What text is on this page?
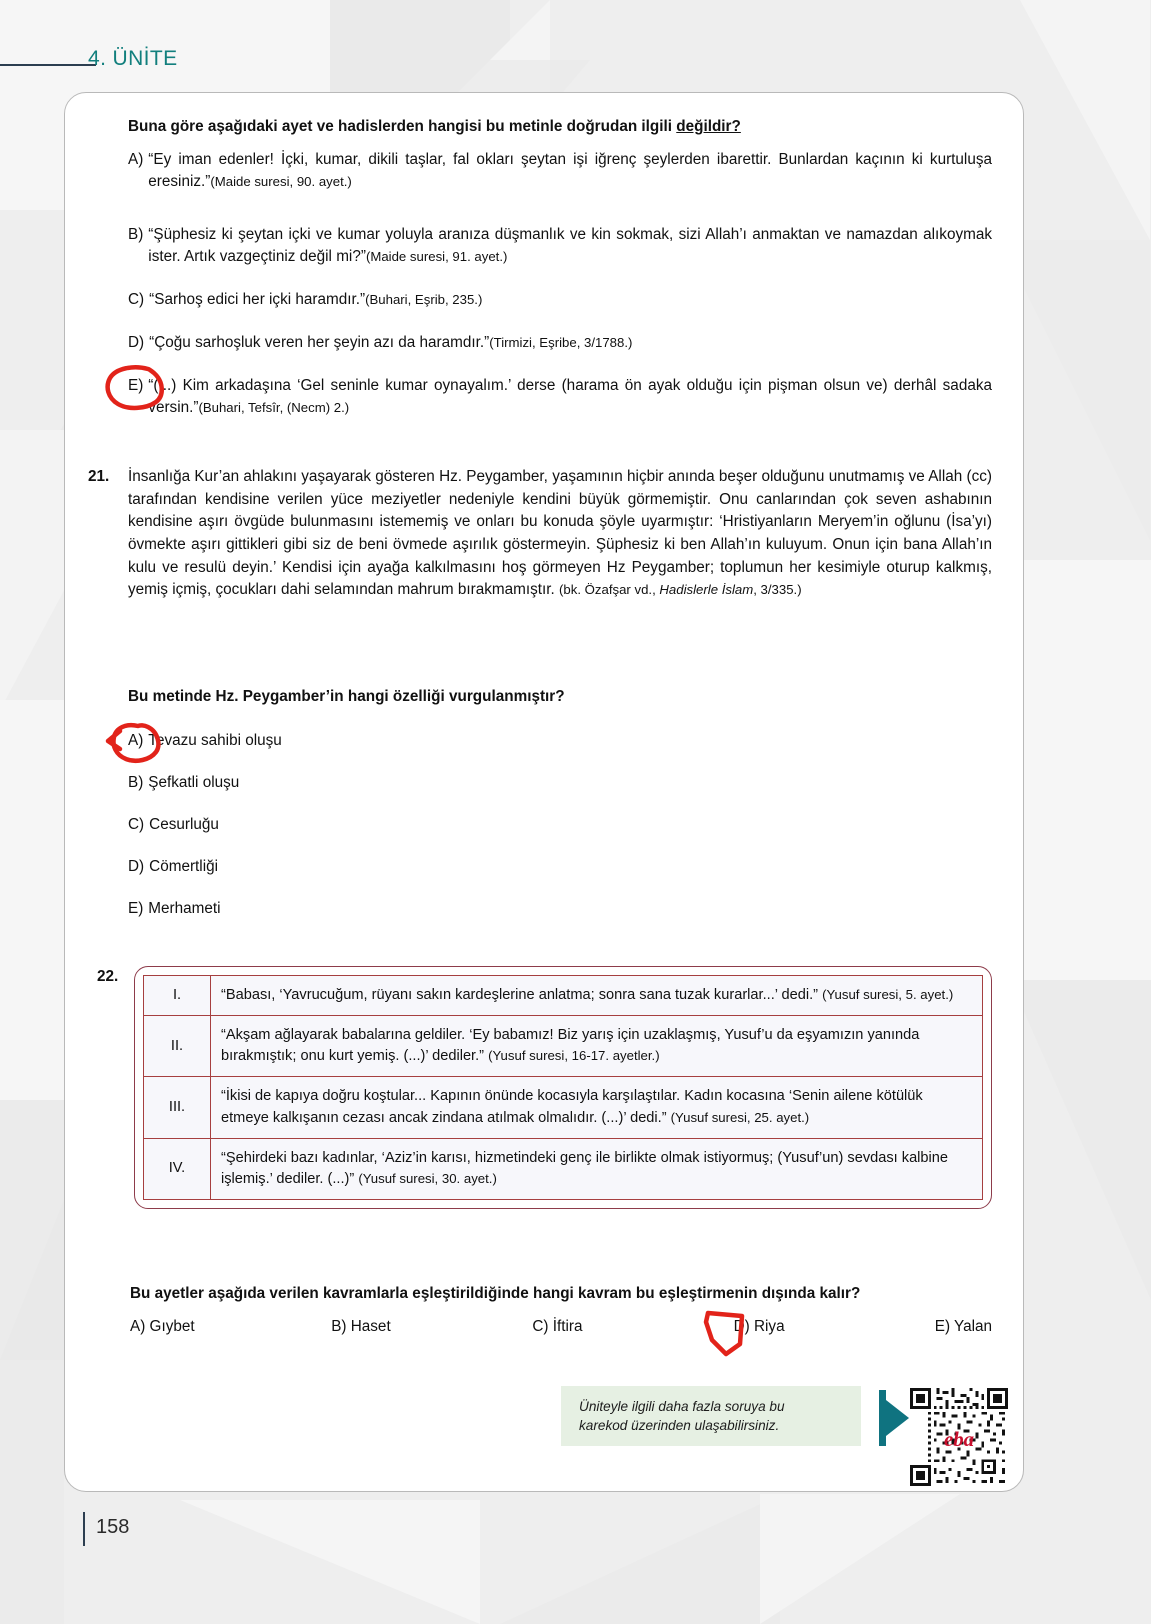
4. ÜNİTE
Buna göre aşağıdaki ayet ve hadislerden hangisi bu metinle doğrudan ilgili değildir?
A) “Ey iman edenler! İçki, kumar, dikili taşlar, fal okları şeytan işi iğrenç şeylerden ibarettir. Bunlardan kaçının ki kurtuluşa eresiniz.”(Maide suresi, 90. ayet.)
B) “Şüphesiz ki şeytan içki ve kumar yoluyla aranıza düşmanlık ve kin sokmak, sizi Allah’ı anmaktan ve namazdan alıkoymak ister. Artık vazgeçtiniz değil mi?”(Maide suresi, 91. ayet.)
C) “Sarhoş edici her içki haramdır.”(Buhari, Eşrib, 235.)
D) “Çoğu sarhoşluk veren her şeyin azı da haramdır.”(Tirmizi, Eşribe, 3/1788.)
E) “(...) Kim arkadaşına ‘Gel seninle kumar oynayalım.’ derse (harama ön ayak olduğu için pişman olsun ve) derhâl sadaka versin.”(Buhari, Tefsîr, (Necm) 2.)
21. İnsanlığa Kur’an ahlakını yaşayarak gösteren Hz. Peygamber, yaşamının hiçbir anında beşer olduğunu unutmamış ve Allah (cc) tarafından kendisine verilen yüce meziyetler nedeniyle kendini büyük görmemiştir. Onu canlarından çok seven ashabının kendisine aşırı övgüde bulunmasını istememiş ve onları bu konuda şöyle uyarmıştır: ‘Hristiyanların Meryem’in oğlunu (İsa’yı) övmekte aşırı gittikleri gibi siz de beni övmede aşırılık göstermeyin. Şüphesiz ki ben Allah’ın kuluyum. Onun için bana Allah’ın kulu ve resulü deyin.’ Kendisi için ayağa kalkılmasını hoş görmeyen Hz Peygamber; toplumun her kesimiyle oturup kalkmış, yemiş içmiş, çocukları dahi selamından mahrum bırakmamıştır. (bk. Özafşar vd., Hadislerle İslam, 3/335.)
Bu metinde Hz. Peygamber’in hangi özelliği vurgulanmıştır?
A) Tevazu sahibi oluşu
B) Şefkatli oluşu
C) Cesurluğu
D) Cömertliği
E) Merhameti
22.
I.	“Babası, ‘Yavrucuğum, rüyanı sakın kardeşlerine anlatma; sonra sana tuzak kurarlar...’ dedi.” (Yusuf suresi, 5. ayet.)
II.	“Akşam ağlayarak babalarına geldiler. ‘Ey babamız! Biz yarış için uzaklaşmış, Yusuf’u da eşyamızın yanında bırakmıştık; onu kurt yemiş. (...)’ dediler.” (Yusuf suresi, 16-17. ayetler.)
III.	“İkisi de kapıya doğru koştular... Kapının önünde kocasıyla karşılaştılar. Kadın kocasına ‘Senin ailene kötülük etmeye kalkışanın cezası ancak zindana atılmak olmalıdır. (...)’ dedi.” (Yusuf suresi, 25. ayet.)
IV.	“Şehirdeki bazı kadınlar, ‘Aziz’in karısı, hizmetindeki genç ile birlikte olmak istiyormuş; (Yusuf’un) sevdası kalbine işlemiş.’ dediler. (...)” (Yusuf suresi, 30. ayet.)
Bu ayetler aşağıda verilen kavramlarla eşleştirildiğinde hangi kavram bu eşleştirmenin dışında kalır?
A) Gıybet	B) Haset	C) İftira	D) Riya	E) Yalan
Üniteyle ilgili daha fazla soruya bu
karekod üzerinden ulaşabilirsiniz.
eba
158
